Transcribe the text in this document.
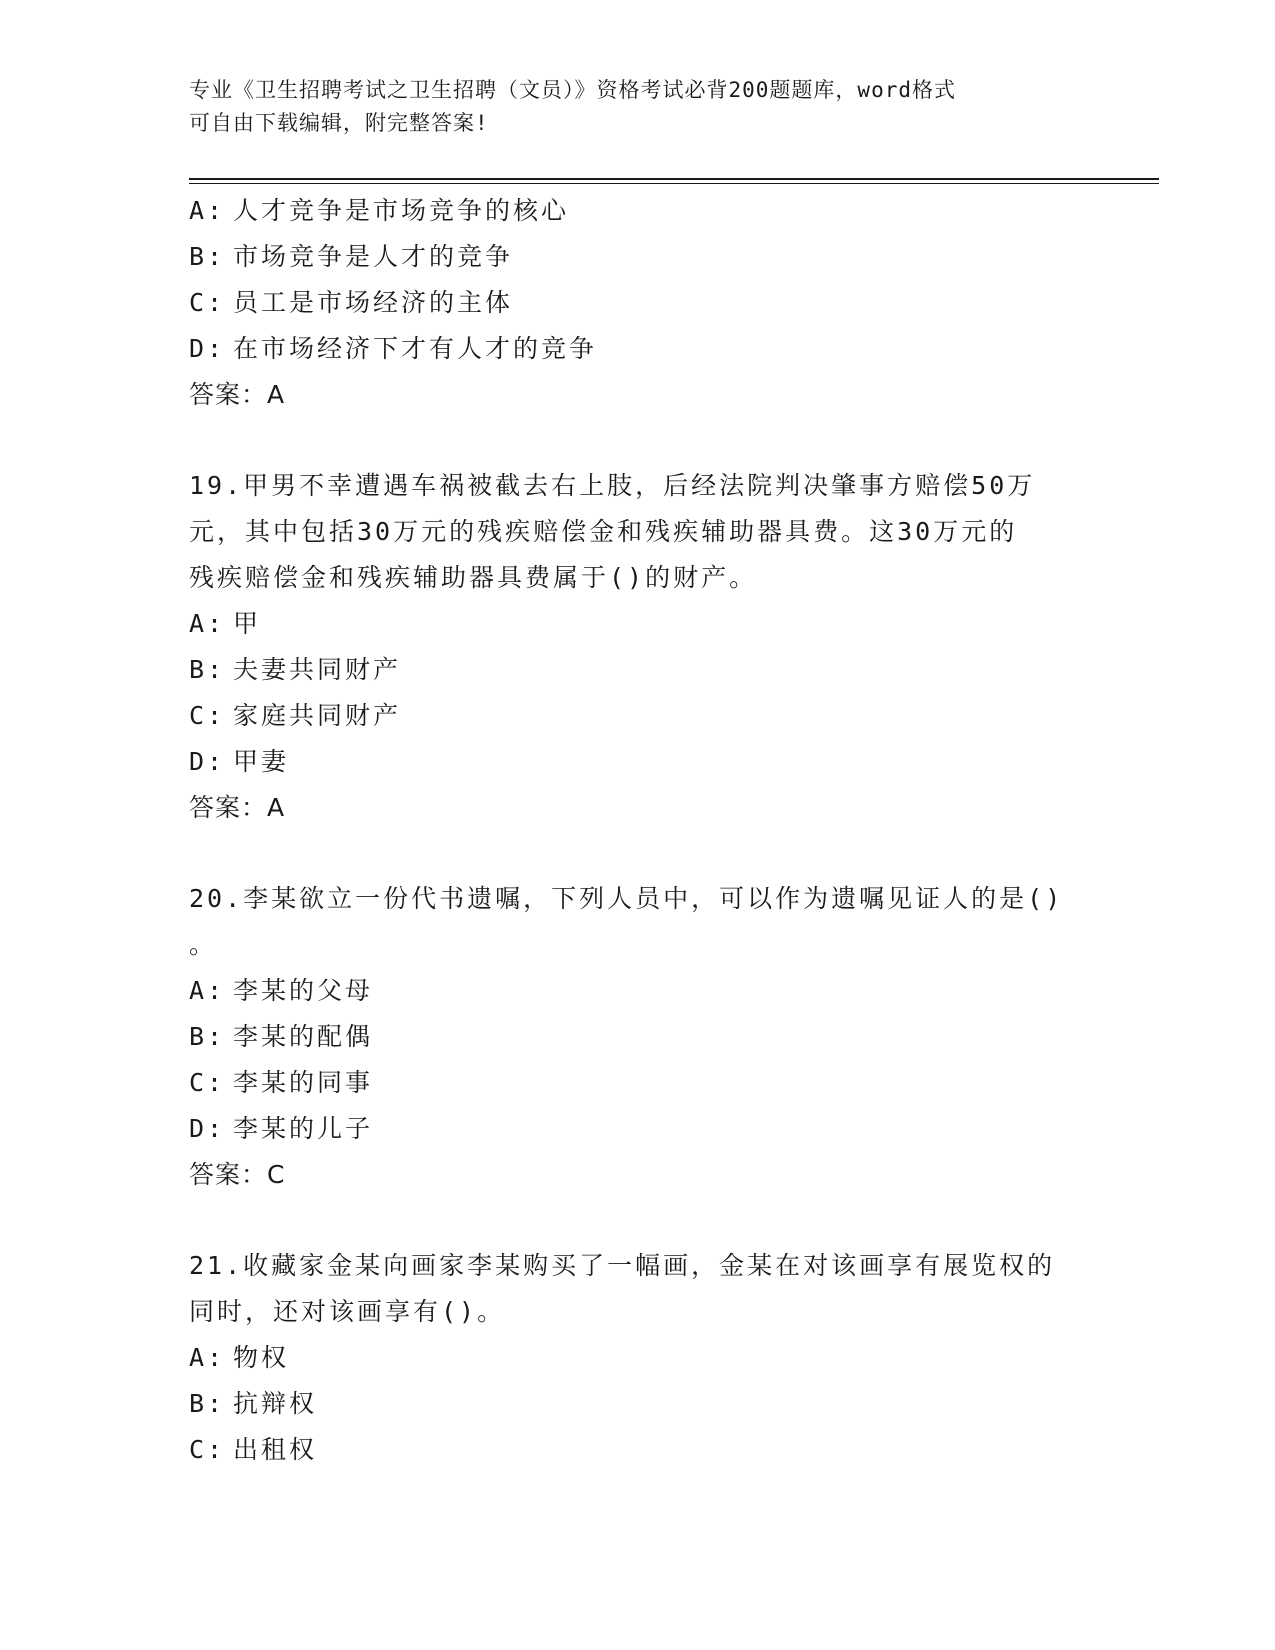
专业《卫生招聘考试之卫生招聘（文员）》资格考试必背200题题库，word格式
可自由下载编辑，附完整答案!
A: 人才竞争是市场竞争的核心
B: 市场竞争是人才的竞争
C: 员工是市场经济的主体
D: 在市场经济下才有人才的竞争
答案：A
19.甲男不幸遭遇车祸被截去右上肢，后经法院判决肇事方赔偿50万
元，其中包括30万元的残疾赔偿金和残疾辅助器具费。这30万元的
残疾赔偿金和残疾辅助器具费属于()的财产。
A: 甲
B: 夫妻共同财产
C: 家庭共同财产
D: 甲妻
答案：A
20.李某欲立一份代书遗嘱，下列人员中，可以作为遗嘱见证人的是()
。
A: 李某的父母
B: 李某的配偶
C: 李某的同事
D: 李某的儿子
答案：C
21.收藏家金某向画家李某购买了一幅画，金某在对该画享有展览权的
同时，还对该画享有()。
A: 物权
B: 抗辩权
C: 出租权
